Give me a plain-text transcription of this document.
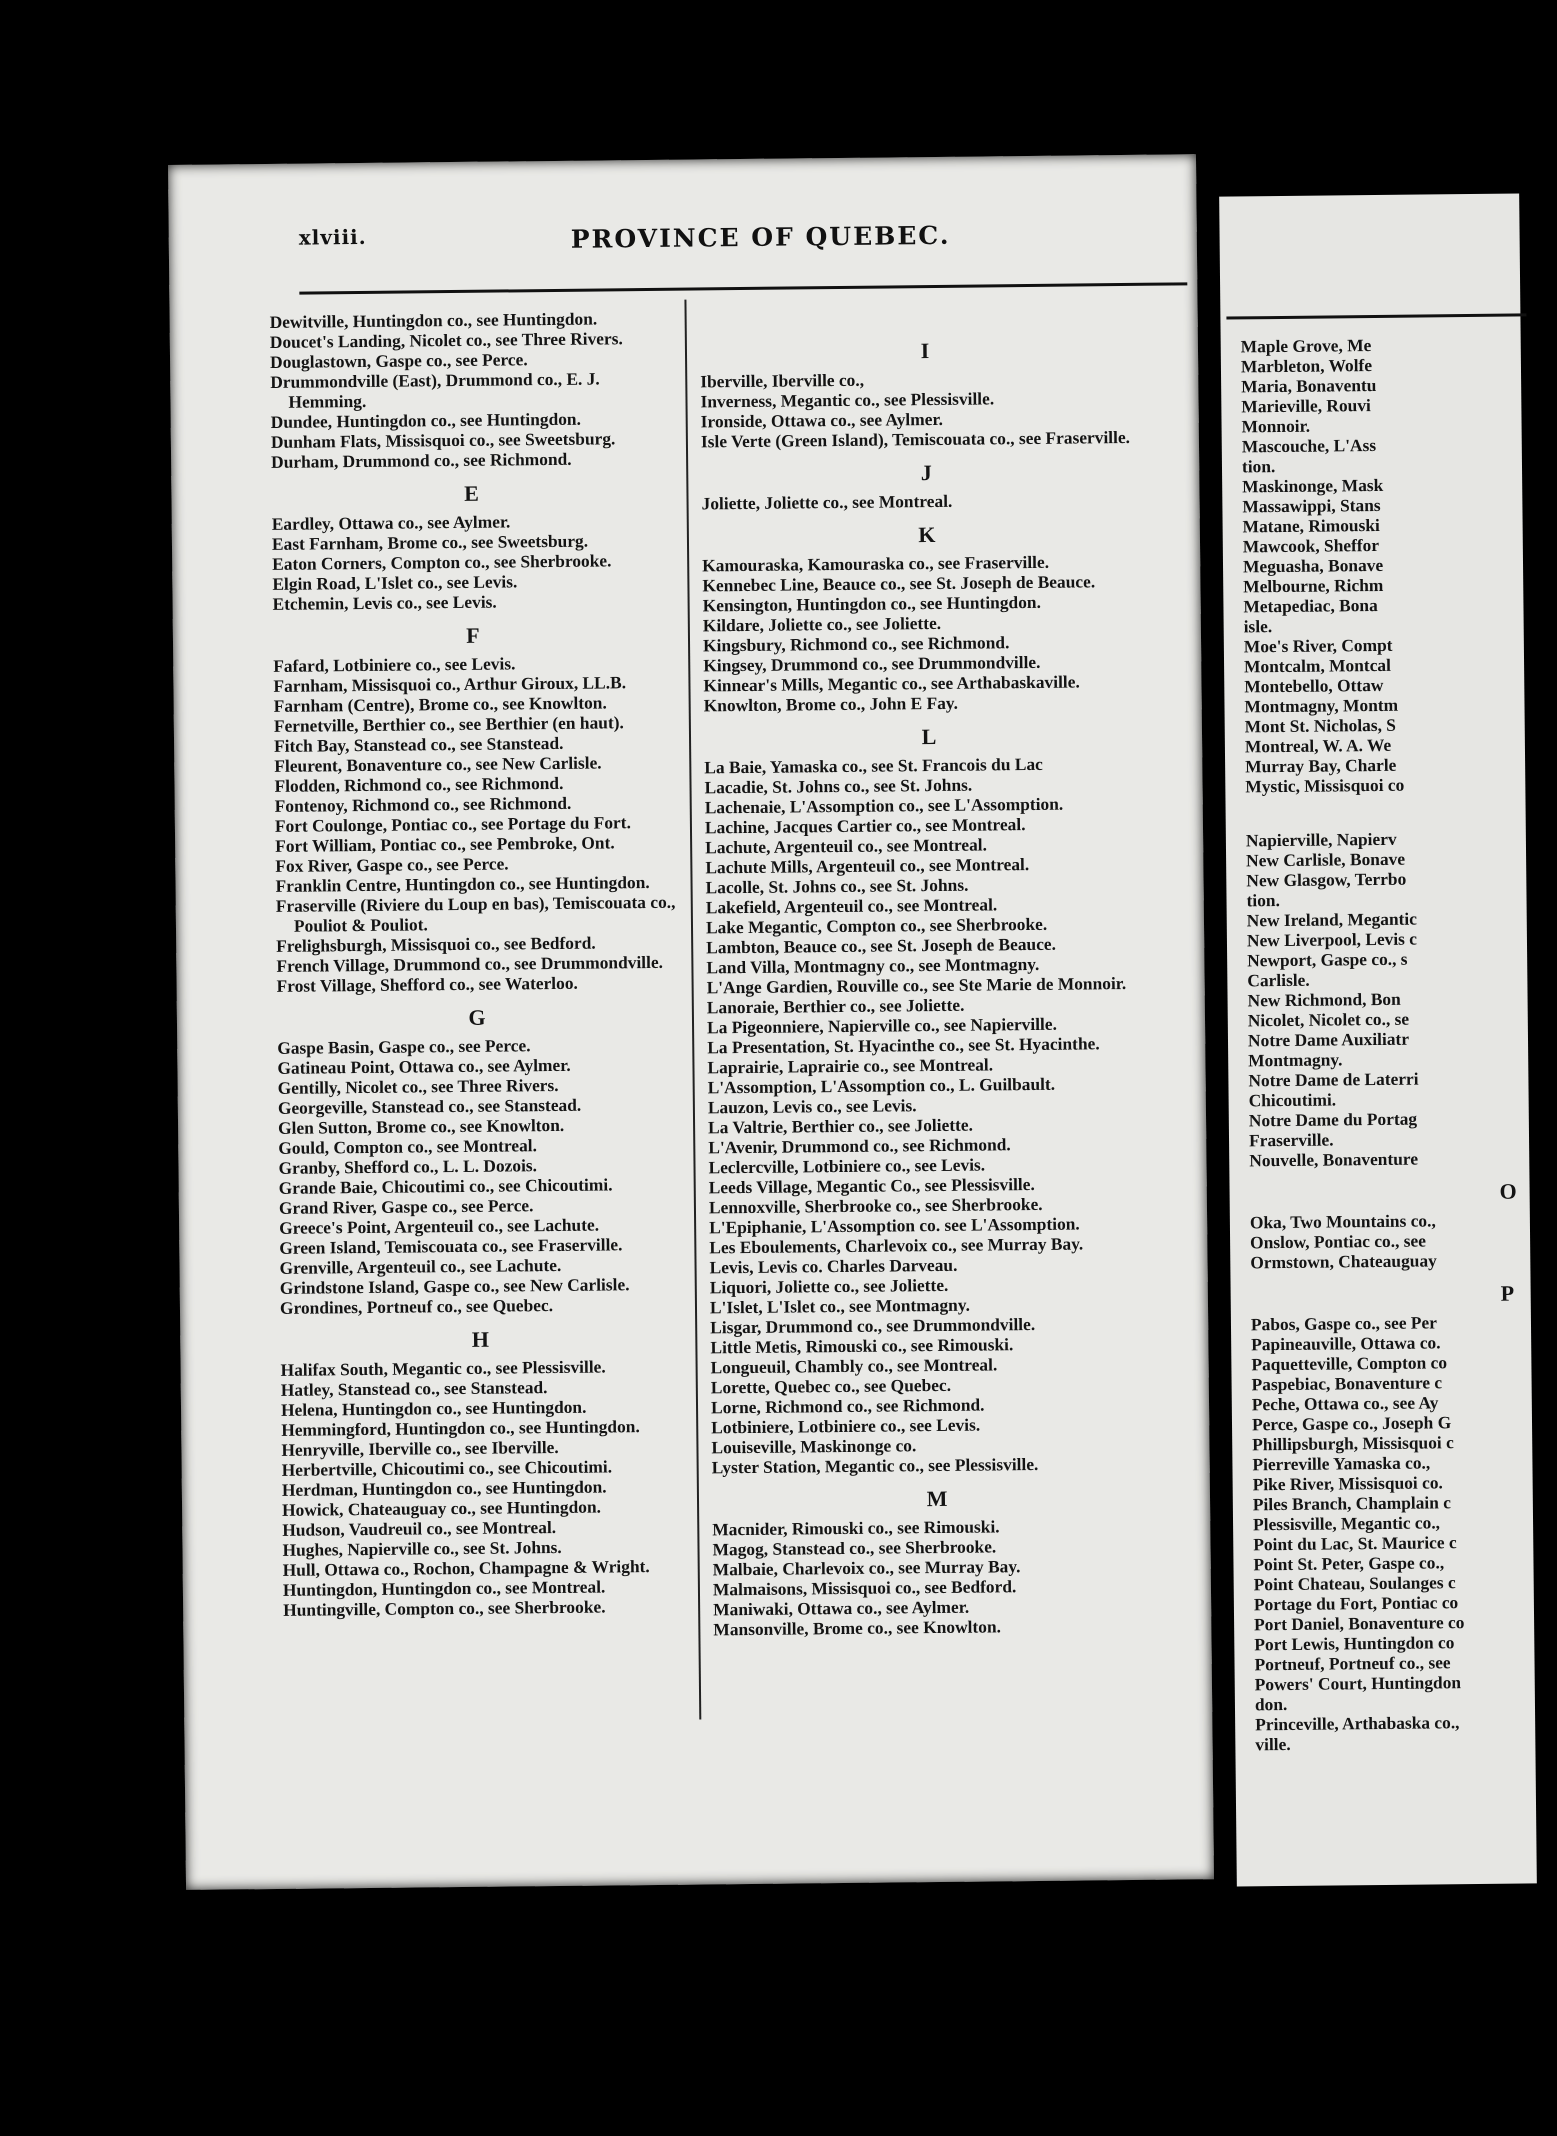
xlviii.	PROVINCE OF QUEBEC.
Dewitville, Huntingdon co., see Huntingdon.
Doucet's Landing, Nicolet co., see Three Rivers.
Douglastown, Gaspe co., see Perce.
Drummondville (East), Drummond co., E. J. Hemming.
Dundee, Huntingdon co., see Huntingdon.
Dunham Flats, Missisquoi co., see Sweetsburg.
Durham, Drummond co., see Richmond.
E
Eardley, Ottawa co., see Aylmer.
East Farnham, Brome co., see Sweetsburg.
Eaton Corners, Compton co., see Sherbrooke.
Elgin Road, L'Islet co., see Levis.
Etchemin, Levis co., see Levis.
F
Fafard, Lotbiniere co., see Levis.
Farnham, Missisquoi co., Arthur Giroux, LL.B.
Farnham (Centre), Brome co., see Knowlton.
Fernetville, Berthier co., see Berthier (en haut).
Fitch Bay, Stanstead co., see Stanstead.
Fleurent, Bonaventure co., see New Carlisle.
Flodden, Richmond co., see Richmond.
Fontenoy, Richmond co., see Richmond.
Fort Coulonge, Pontiac co., see Portage du Fort.
Fort William, Pontiac co., see Pembroke, Ont.
Fox River, Gaspe co., see Perce.
Franklin Centre, Huntingdon co., see Huntingdon.
Fraserville (Riviere du Loup en bas), Temiscouata co., Pouliot & Pouliot.
Frelighsburgh, Missisquoi co., see Bedford.
French Village, Drummond co., see Drummondville.
Frost Village, Shefford co., see Waterloo.
G
Gaspe Basin, Gaspe co., see Perce.
Gatineau Point, Ottawa co., see Aylmer.
Gentilly, Nicolet co., see Three Rivers.
Georgeville, Stanstead co., see Stanstead.
Glen Sutton, Brome co., see Knowlton.
Gould, Compton co., see Montreal.
Granby, Shefford co., L. L. Dozois.
Grande Baie, Chicoutimi co., see Chicoutimi.
Grand River, Gaspe co., see Perce.
Greece's Point, Argenteuil co., see Lachute.
Green Island, Temiscouata co., see Fraserville.
Grenville, Argenteuil co., see Lachute.
Grindstone Island, Gaspe co., see New Carlisle.
Grondines, Portneuf co., see Quebec.
H
Halifax South, Megantic co., see Plessisville.
Hatley, Stanstead co., see Stanstead.
Helena, Huntingdon co., see Huntingdon.
Hemmingford, Huntingdon co., see Huntingdon.
Henryville, Iberville co., see Iberville.
Herbertville, Chicoutimi co., see Chicoutimi.
Herdman, Huntingdon co., see Huntingdon.
Howick, Chateauguay co., see Huntingdon.
Hudson, Vaudreuil co., see Montreal.
Hughes, Napierville co., see St. Johns.
Hull, Ottawa co., Rochon, Champagne & Wright.
Huntingdon, Huntingdon co., see Montreal.
Huntingville, Compton co., see Sherbrooke.
I
Iberville, Iberville co.,
Inverness, Megantic co., see Plessisville.
Ironside, Ottawa co., see Aylmer.
Isle Verte (Green Island), Temiscouata co., see Fraserville.
J
Joliette, Joliette co., see Montreal.
K
Kamouraska, Kamouraska co., see Fraserville.
Kennebec Line, Beauce co., see St. Joseph de Beauce.
Kensington, Huntingdon co., see Huntingdon.
Kildare, Joliette co., see Joliette.
Kingsbury, Richmond co., see Richmond.
Kingsey, Drummond co., see Drummondville.
Kinnear's Mills, Megantic co., see Arthabaskaville.
Knowlton, Brome co., John E Fay.
L
La Baie, Yamaska co., see St. Francois du Lac
Lacadie, St. Johns co., see St. Johns.
Lachenaie, L'Assomption co., see L'Assomption.
Lachine, Jacques Cartier co., see Montreal.
Lachute, Argenteuil co., see Montreal.
Lachute Mills, Argenteuil co., see Montreal.
Lacolle, St. Johns co., see St. Johns.
Lakefield, Argenteuil co., see Montreal.
Lake Megantic, Compton co., see Sherbrooke.
Lambton, Beauce co., see St. Joseph de Beauce.
Land Villa, Montmagny co., see Montmagny.
L'Ange Gardien, Rouville co., see Ste Marie de Monnoir.
Lanoraie, Berthier co., see Joliette.
La Pigeonniere, Napierville co., see Napierville.
La Presentation, St. Hyacinthe co., see St. Hyacinthe.
Laprairie, Laprairie co., see Montreal.
L'Assomption, L'Assomption co., L. Guilbault.
Lauzon, Levis co., see Levis.
La Valtrie, Berthier co., see Joliette.
L'Avenir, Drummond co., see Richmond.
Leclercville, Lotbiniere co., see Levis.
Leeds Village, Megantic Co., see Plessisville.
Lennoxville, Sherbrooke co., see Sherbrooke.
L'Epiphanie, L'Assomption co. see L'Assomption.
Les Eboulements, Charlevoix co., see Murray Bay.
Levis, Levis co. Charles Darveau.
Liquori, Joliette co., see Joliette.
L'Islet, L'Islet co., see Montmagny.
Lisgar, Drummond co., see Drummondville.
Little Metis, Rimouski co., see Rimouski.
Longueuil, Chambly co., see Montreal.
Lorette, Quebec co., see Quebec.
Lorne, Richmond co., see Richmond.
Lotbiniere, Lotbiniere co., see Levis.
Louiseville, Maskinonge co.
Lyster Station, Megantic co., see Plessisville.
M
Macnider, Rimouski co., see Rimouski.
Magog, Stanstead co., see Sherbrooke.
Malbaie, Charlevoix co., see Murray Bay.
Malmaisons, Missisquoi co., see Bedford.
Maniwaki, Ottawa co., see Aylmer.
Mansonville, Brome co., see Knowlton.
Maple Grove, Me
Marbleton, Wolfe
Maria, Bonaventu
Marieville, Rouvi
Monnoir.
Mascouche, L'Ass
tion.
Maskinonge, Mask
Massawippi, Stans
Matane, Rimouski
Mawcook, Sheffor
Meguasha, Bonave
Melbourne, Richm
Metapediac, Bona
isle.
Moe's River, Compt
Montcalm, Montcal
Montebello, Ottaw
Montmagny, Montm
Mont St. Nicholas, S
Montreal, W. A. We
Murray Bay, Charle
Mystic, Missisquoi co
Napierville, Napierv
New Carlisle, Bonave
New Glasgow, Terrbo
tion.
New Ireland, Megantic
New Liverpool, Levis c
Newport, Gaspe co., s
Carlisle.
New Richmond, Bon
Nicolet, Nicolet co., se
Notre Dame Auxiliatr
Montmagny.
Notre Dame de Laterri
Chicoutimi.
Notre Dame du Portag
Fraserville.
Nouvelle, Bonaventure
O
Oka, Two Mountains co.,
Onslow, Pontiac co., see
Ormstown, Chateauguay
P
Pabos, Gaspe co., see Per
Papineauville, Ottawa co.
Paquetteville, Compton co
Paspebiac, Bonaventure c
Peche, Ottawa co., see Ay
Perce, Gaspe co., Joseph G
Phillipsburgh, Missisquoi c
Pierreville Yamaska co.,
Pike River, Missisquoi co.
Piles Branch, Champlain c
Plessisville, Megantic co.,
Point du Lac, St. Maurice c
Point St. Peter, Gaspe co.,
Point Chateau, Soulanges c
Portage du Fort, Pontiac co
Port Daniel, Bonaventure co
Port Lewis, Huntingdon co
Portneuf, Portneuf co., see
Powers' Court, Huntingdon
don.
Princeville, Arthabaska co.,
ville.
